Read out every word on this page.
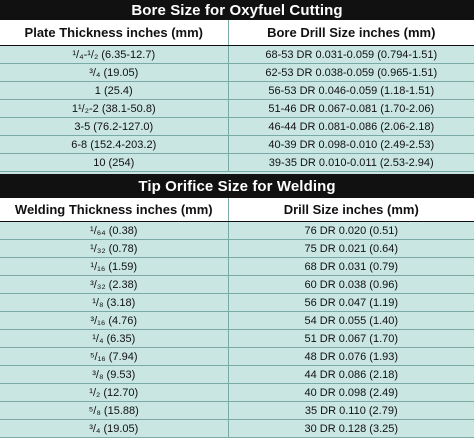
Bore Size for Oxyfuel Cutting
Plate Thickness inches (mm)	Bore Drill Size inches (mm)
¹/₄-¹/₂ (6.35-12.7)	68-53 DR 0.031-0.059 (0.794-1.51)
³/₄ (19.05)	62-53 DR 0.038-0.059 (0.965-1.51)
1 (25.4)	56-53 DR 0.046-0.059 (1.18-1.51)
1¹/₂-2 (38.1-50.8)	51-46 DR 0.067-0.081 (1.70-2.06)
3-5 (76.2-127.0)	46-44 DR 0.081-0.086 (2.06-2.18)
6-8 (152.4-203.2)	40-39 DR 0.098-0.010 (2.49-2.53)
10 (254)	39-35 DR 0.010-0.011 (2.53-2.94)
Tip Orifice Size for Welding
Welding Thickness inches (mm)	Drill Size inches (mm)
¹/₆₄ (0.38)	76 DR 0.020 (0.51)
¹/₃₂ (0.78)	75 DR 0.021 (0.64)
¹/₁₆ (1.59)	68 DR 0.031 (0.79)
³/₃₂ (2.38)	60 DR 0.038 (0.96)
¹/₈ (3.18)	56 DR 0.047 (1.19)
³/₁₆ (4.76)	54 DR 0.055 (1.40)
¹/₄ (6.35)	51 DR 0.067 (1.70)
⁵/₁₆ (7.94)	48 DR 0.076 (1.93)
³/₈ (9.53)	44 DR 0.086 (2.18)
¹/₂ (12.70)	40 DR 0.098 (2.49)
⁵/₈ (15.88)	35 DR 0.110 (2.79)
³/₄ (19.05)	30 DR 0.128 (3.25)
